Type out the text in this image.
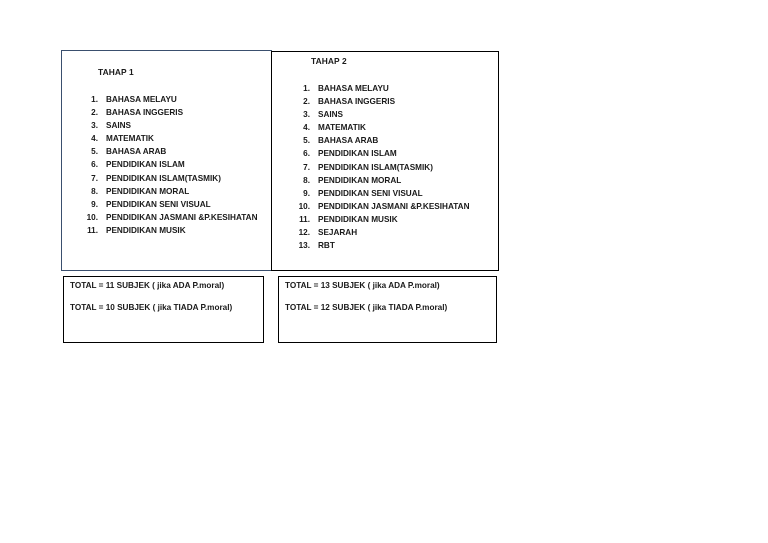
TAHAP 1
1. BAHASA MELAYU
2. BAHASA INGGERIS
3. SAINS
4. MATEMATIK
5. BAHASA ARAB
6. PENDIDIKAN ISLAM
7. PENDIDIKAN ISLAM(TASMIK)
8. PENDIDIKAN MORAL
9. PENDIDIKAN SENI VISUAL
10. PENDIDIKAN JASMANI &P.KESIHATAN
11. PENDIDIKAN MUSIK
TAHAP 2
1. BAHASA MELAYU
2. BAHASA INGGERIS
3. SAINS
4. MATEMATIK
5. BAHASA ARAB
6. PENDIDIKAN ISLAM
7. PENDIDIKAN ISLAM(TASMIK)
8. PENDIDIKAN MORAL
9. PENDIDIKAN SENI VISUAL
10. PENDIDIKAN JASMANI &P.KESIHATAN
11. PENDIDIKAN MUSIK
12. SEJARAH
13. RBT
TOTAL = 11 SUBJEK ( jika ADA P.moral)
TOTAL = 10 SUBJEK ( jika TIADA P.moral)
TOTAL = 13 SUBJEK ( jika ADA P.moral)
TOTAL = 12 SUBJEK ( jika TIADA P.moral)
